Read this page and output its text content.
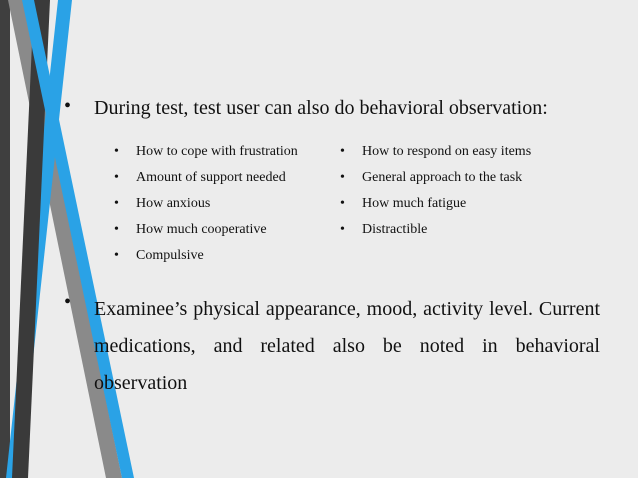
• During test, test user can also do behavioral observation:
• How to cope with frustration
• Amount of support needed
• How anxious
• How much cooperative
• Compulsive
• How to respond on easy items
• General approach to the task
• How much fatigue
• Distractible
• Examinee’s physical appearance, mood, activity level. Current medications, and related also be noted in behavioral observation
